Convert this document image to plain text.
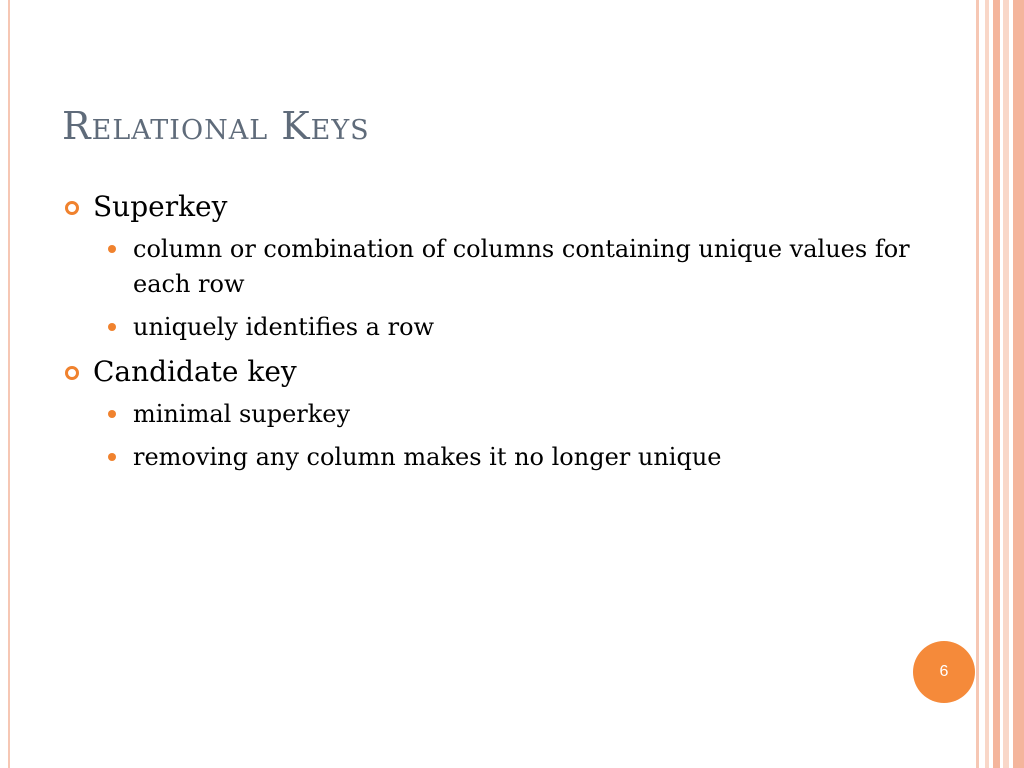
Relational Keys
Superkey
column or combination of columns containing unique values for each row
uniquely identifies a row
Candidate key
minimal superkey
removing any column makes it no longer unique
6
